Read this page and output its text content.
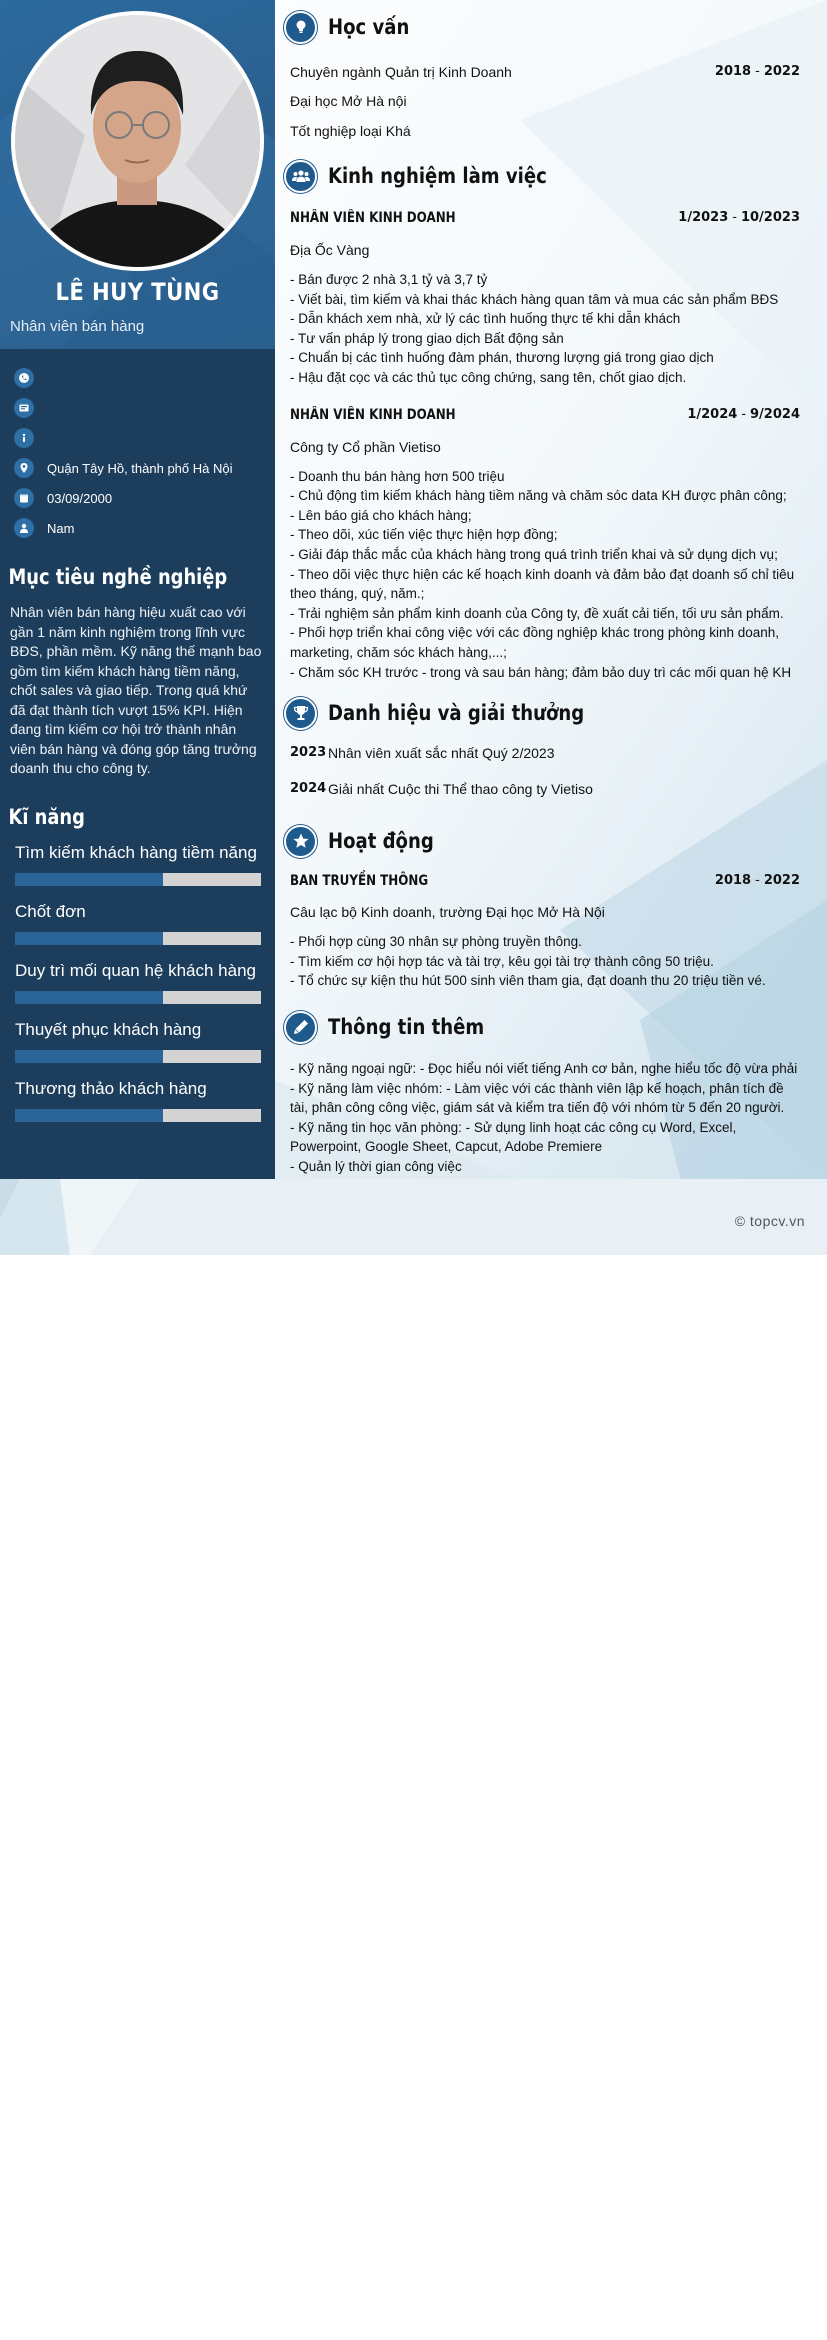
LÊ HUY TÙNG
Nhân viên bán hàng
Quận Tây Hồ, thành phố Hà Nội
03/09/2000
Nam
Mục tiêu nghề nghiệp

Nhân viên bán hàng hiệu xuất cao với gần 1 năm kinh nghiệm trong lĩnh vực BĐS, phần mềm. Kỹ năng thế mạnh bao gồm tìm kiếm khách hàng tiềm năng, chốt sales và giao tiếp. Trong quá khứ đã đạt thành tích vượt 15% KPI. Hiện đang tìm kiếm cơ hội trở thành nhân viên bán hàng và đóng góp tăng trưởng doanh thu cho công ty.

Kĩ năng
Tìm kiếm khách hàng tiềm năng
Chốt đơn
Duy trì mối quan hệ khách hàng
Thuyết phục khách hàng
Thương thảo khách hàng
Học vấn
Chuyên ngành Quản trị Kinh Doanh	2018 - 2022
Đại học Mở Hà nội
Tốt nghiệp loại Khá
Kinh nghiệm làm việc
NHÂN VIÊN KINH DOANH	1/2023 - 10/2023
Địa Ốc Vàng
- Bán được 2 nhà 3,1 tỷ và 3,7 tỷ
- Viết bài, tìm kiếm và khai thác khách hàng quan tâm và mua các sản phẩm BĐS
- Dẫn khách xem nhà, xử lý các tình huống thực tế khi dẫn khách
- Tư vấn pháp lý trong giao dịch Bất động sản
- Chuẩn bị các tình huống đàm phán, thương lượng giá trong giao dịch
- Hậu đặt cọc và các thủ tục công chứng, sang tên, chốt giao dịch.
NHÂN VIÊN KINH DOANH	1/2024 - 9/2024
Công ty Cổ phần Vietiso
- Doanh thu bán hàng hơn 500 triệu
- Chủ động tìm kiếm khách hàng tiềm năng và chăm sóc data KH được phân công;
- Lên báo giá cho khách hàng;
- Theo dõi, xúc tiến việc thực hiện hợp đồng;
- Giải đáp thắc mắc của khách hàng trong quá trình triển khai và sử dụng dịch vụ;
- Theo dõi việc thực hiện các kế hoạch kinh doanh và đảm bảo đạt doanh số chỉ tiêu theo tháng, quý, năm.;
- Trải nghiệm sản phẩm kinh doanh của Công ty, đề xuất cải tiến, tối ưu sản phẩm.
- Phối hợp triển khai công việc với các đồng nghiệp khác trong phòng kinh doanh, marketing, chăm sóc khách hàng,...;
- Chăm sóc KH trước - trong và sau bán hàng; đảm bảo duy trì các mối quan hệ KH
Danh hiệu và giải thưởng
2023 Nhân viên xuất sắc nhất Quý 2/2023
2024 Giải nhất Cuộc thi Thể thao công ty Vietiso
Hoạt động
BAN TRUYỀN THÔNG	2018 - 2022
Câu lạc bộ Kinh doanh, trường Đại học Mở Hà Nội
- Phối hợp cùng 30 nhân sự phòng truyền thông.
- Tìm kiếm cơ hội hợp tác và tài trợ, kêu gọi tài trợ thành công 50 triệu.
- Tổ chức sự kiện thu hút 500 sinh viên tham gia, đạt doanh thu 20 triệu tiền vé.
Thông tin thêm
- Kỹ năng ngoại ngữ: - Đọc hiểu nói viết tiếng Anh cơ bản, nghe hiểu tốc độ vừa phải
- Kỹ năng làm việc nhóm: - Làm việc với các thành viên lập kế hoạch, phân tích đề tài, phân công công việc, giám sát và kiểm tra tiến độ với nhóm từ 5 đến 20 người.
- Kỹ năng tin học văn phòng: - Sử dụng linh hoạt các công cụ Word, Excel, Powerpoint, Google Sheet, Capcut, Adobe Premiere
- Quản lý thời gian công việc
© topcv.vn
